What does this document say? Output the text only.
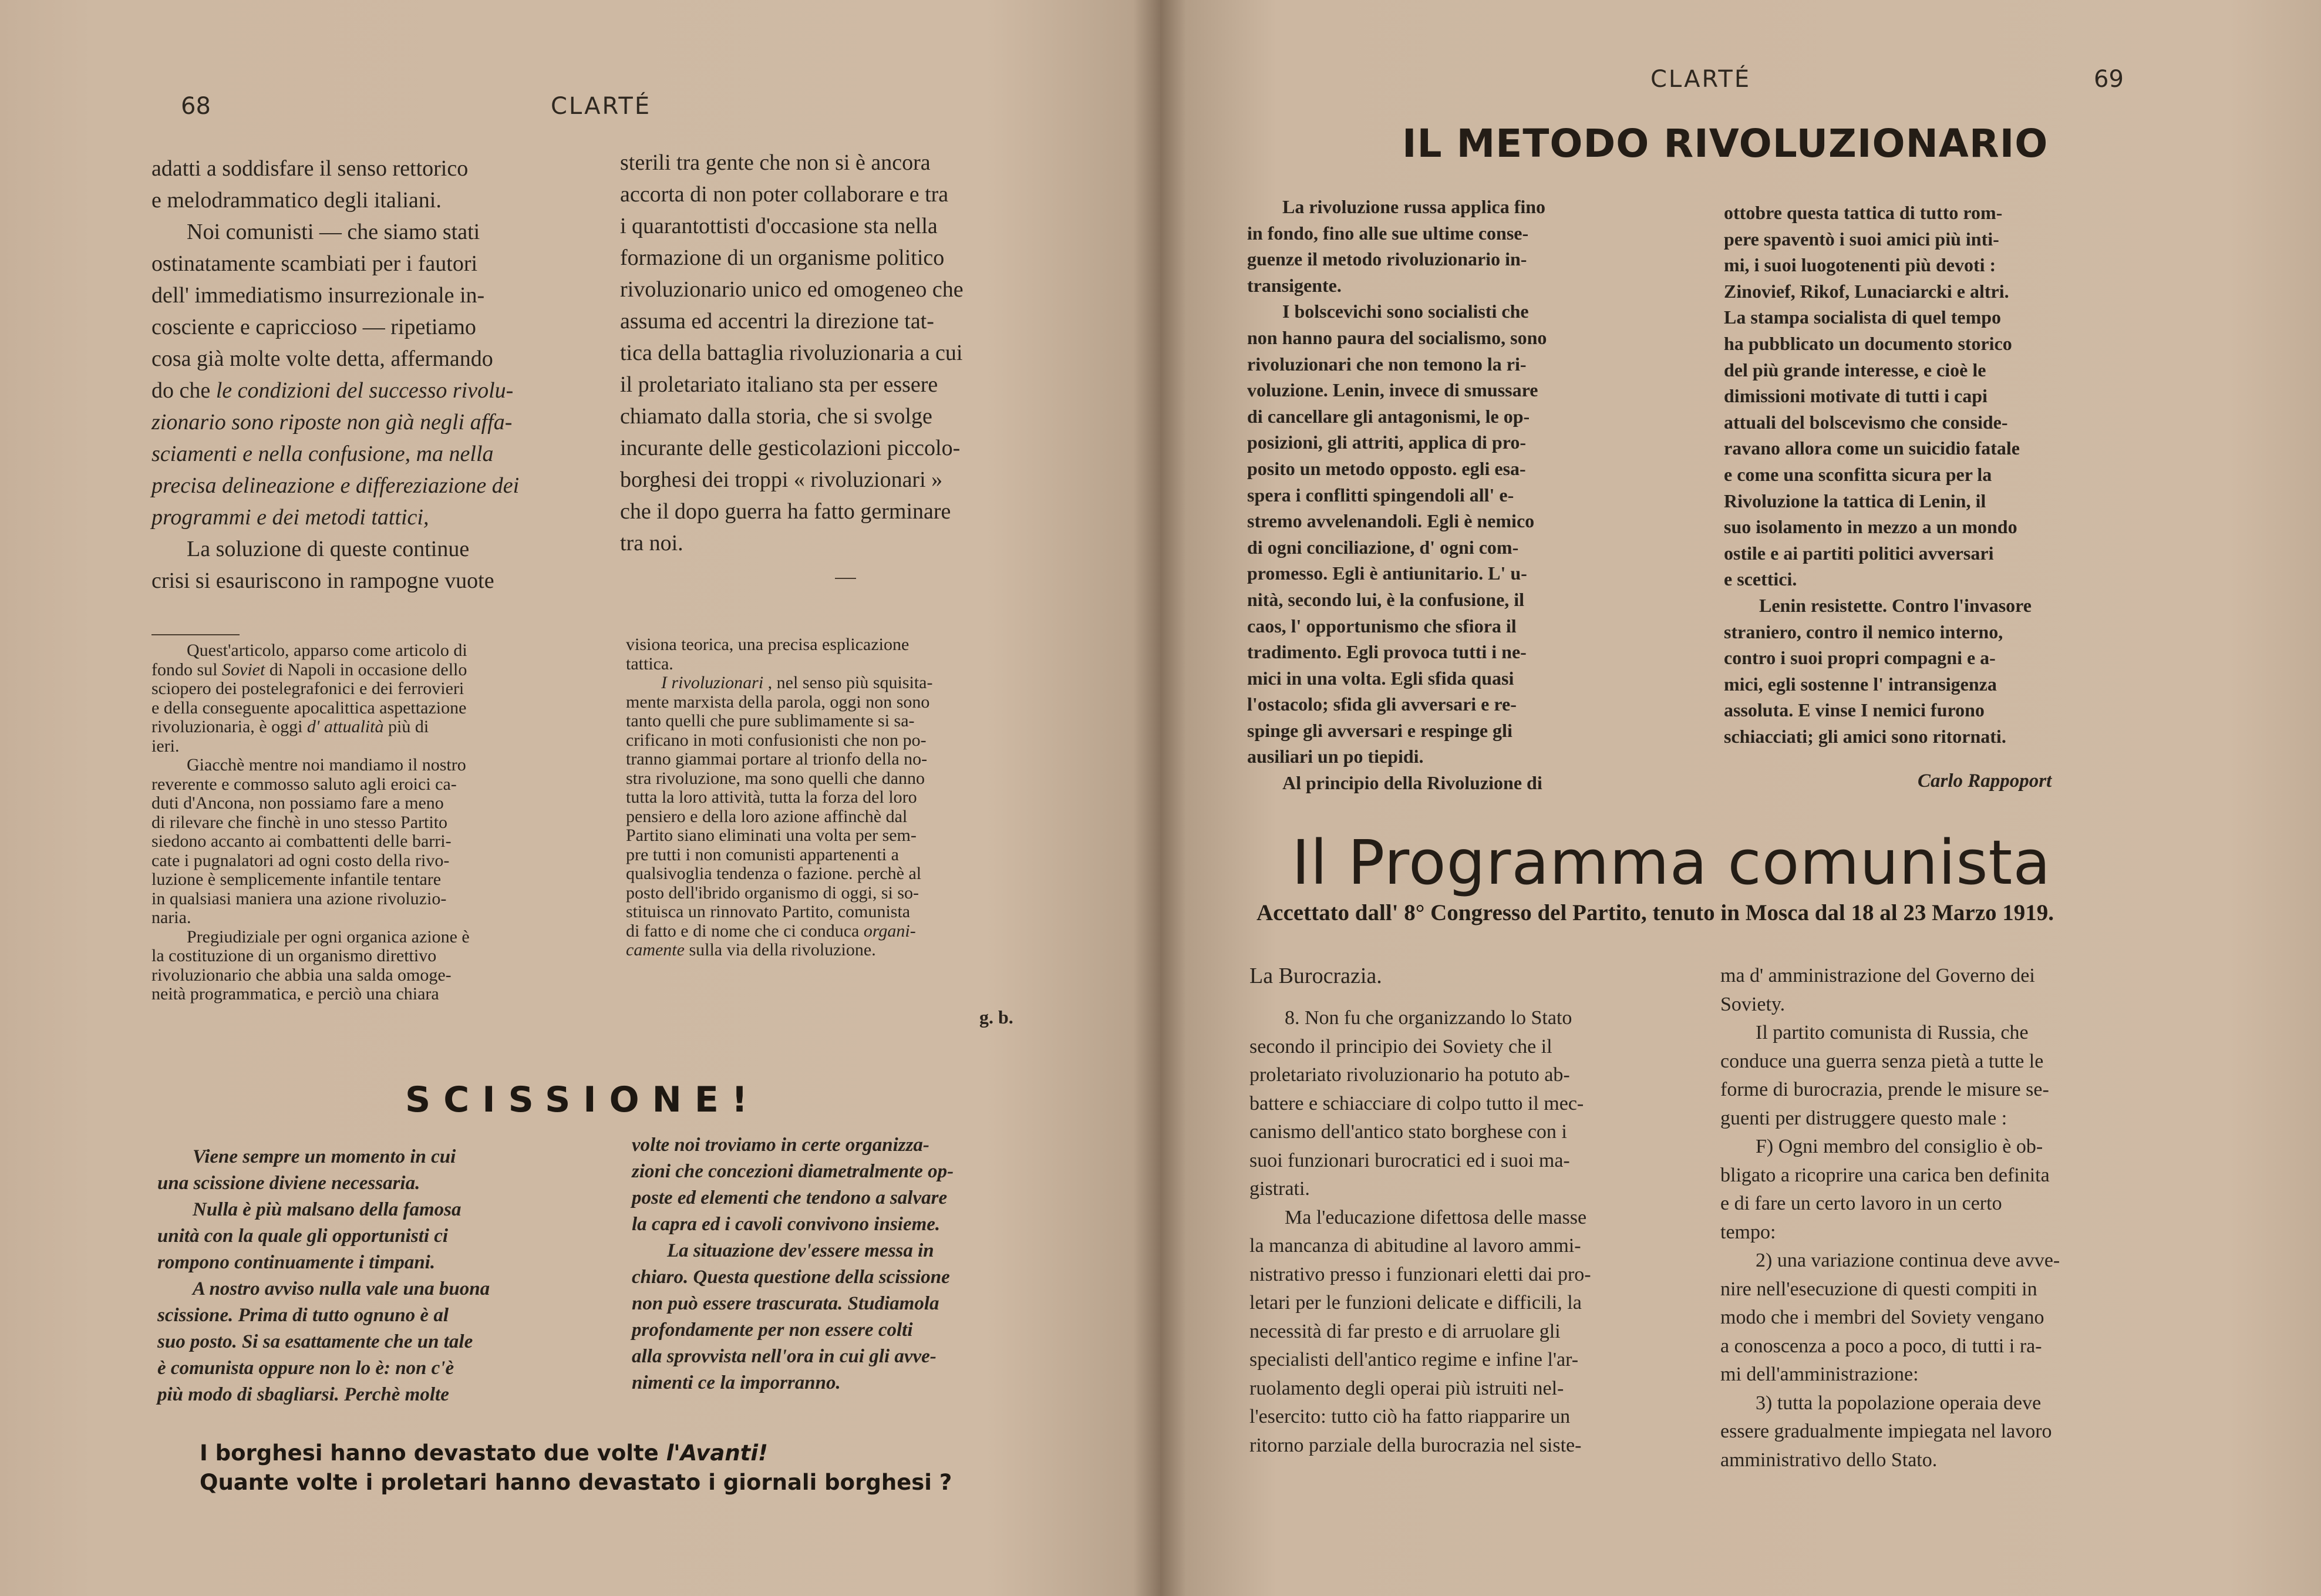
68	CLARTÉ
adatti a soddisfare il senso rettorico
e melodrammatico degli italiani.
Noi comunisti — che siamo stati
ostinatamente scambiati per i fautori
dell' immediatismo insurrezionale in-
cosciente e capriccioso — ripetiamo
cosa già molte volte detta, affermando
do che le condizioni del successo rivolu-
zionario sono riposte non già negli affa-
sciamenti e nella confusione, ma nella
precisa delineazione e differeziazione dei
programmi e dei metodi tattici,
La soluzione di queste continue
crisi si esauriscono in rampogne vuote
sterili tra gente che non si è ancora
accorta di non poter collaborare e tra
i quarantottisti d'occasione sta nella
formazione di un organisme politico
rivoluzionario unico ed omogeneo che
assuma ed accentri la direzione tat-
tica della battaglia rivoluzionaria a cui
il proletariato italiano sta per essere
chiamato dalla storia, che si svolge
incurante delle gesticolazioni piccolo-
borghesi dei troppi « rivoluzionari »
che il dopo guerra ha fatto germinare
tra noi.
Quest'articolo, apparso come articolo di
fondo sul Soviet di Napoli in occasione dello
sciopero dei postelegrafonici e dei ferrovieri
e della conseguente apocalittica aspettazione
rivoluzionaria, è oggi d' attualità più di
ieri.
Giacchè mentre noi mandiamo il nostro
reverente e commosso saluto agli eroici ca-
duti d'Ancona, non possiamo fare a meno
di rilevare che finchè in uno stesso Partito
siedono accanto ai combattenti delle barri-
cate i pugnalatori ad ogni costo della rivo-
luzione è semplicemente infantile tentare
in qualsiasi maniera una azione rivoluzio-
naria.
Pregiudiziale per ogni organica azione è
la costituzione di un organismo direttivo
rivoluzionario che abbia una salda omoge-
neità programmatica, e perciò una chiara
visiona teorica, una precisa esplicazione
tattica.
I rivoluzionari , nel senso più squisita-
mente marxista della parola, oggi non sono
tanto quelli che pure sublimamente si sa-
crificano in moti confusionisti che non po-
tranno giammai portare al trionfo della no-
stra rivoluzione, ma sono quelli che danno
tutta la loro attività, tutta la forza del loro
pensiero e della loro azione affinchè dal
Partito siano eliminati una volta per sem-
pre tutti i non comunisti appartenenti a
qualsivoglia tendenza o fazione. perchè al
posto dell'ibrido organismo di oggi, si so-
stituisca un rinnovato Partito, comunista
di fatto e di nome che ci conduca organi-
camente sulla via della rivoluzione.
g. b.
SCISSIONE!
Viene sempre un momento in cui
una scissione diviene necessaria.
Nulla è più malsano della famosa
unità con la quale gli opportunisti ci
rompono continuamente i timpani.
A nostro avviso nulla vale una buona
scissione. Prima di tutto ognuno è al
suo posto. Si sa esattamente che un tale
è comunista oppure non lo è: non c'è
più modo di sbagliarsi. Perchè molte
volte noi troviamo in certe organizza-
zioni che concezioni diametralmente op-
poste ed elementi che tendono a salvare
la capra ed i cavoli convivono insieme.
La situazione dev'essere messa in
chiaro. Questa questione della scissione
non può essere trascurata. Studiamola
profondamente per non essere colti
alla sprovvista nell'ora in cui gli avve-
nimenti ce la imporranno.
I borghesi hanno devastato due volte l'Avanti!
Quante volte i proletari hanno devastato i giornali borghesi ?
CLARTÉ	69
IL METODO RIVOLUZIONARIO
La rivoluzione russa applica fino
in fondo, fino alle sue ultime conse-
guenze il metodo rivoluzionario in-
transigente.
I bolscevichi sono socialisti che
non hanno paura del socialismo, sono
rivoluzionari che non temono la ri-
voluzione. Lenin, invece di smussare
di cancellare gli antagonismi, le op-
posizioni, gli attriti, applica di pro-
posito un metodo opposto. egli esa-
spera i conflitti spingendoli all' e-
stremo avvelenandoli. Egli è nemico
di ogni conciliazione, d' ogni com-
promesso. Egli è antiunitario. L' u-
nità, secondo lui, è la confusione, il
caos, l' opportunismo che sfiora il
tradimento. Egli provoca tutti i ne-
mici in una volta. Egli sfida quasi
l'ostacolo; sfida gli avversari e re-
spinge gli avversari e respinge gli
ausiliari un po tiepidi.
Al principio della Rivoluzione di
ottobre questa tattica di tutto rom-
pere spaventò i suoi amici più inti-
mi, i suoi luogotenenti più devoti :
Zinovief, Rikof, Lunaciarcki e altri.
La stampa socialista di quel tempo
ha pubblicato un documento storico
del più grande interesse, e cioè le
dimissioni motivate di tutti i capi
attuali del bolscevismo che conside-
ravano allora come un suicidio fatale
e come una sconfitta sicura per la
Rivoluzione la tattica di Lenin, il
suo isolamento in mezzo a un mondo
ostile e ai partiti politici avversari
e scettici.
Lenin resistette. Contro l'invasore
straniero, contro il nemico interno,
contro i suoi propri compagni e a-
mici, egli sostenne l' intransigenza
assoluta. E vinse I nemici furono
schiacciati; gli amici sono ritornati.
Carlo Rappoport
Il Programma comunista
Accettato dall' 8° Congresso del Partito, tenuto in Mosca dal 18 al 23 Marzo 1919.
La Burocrazia.
8. Non fu che organizzando lo Stato
secondo il principio dei Soviety che il
proletariato rivoluzionario ha potuto ab-
battere e schiacciare di colpo tutto il mec-
canismo dell'antico stato borghese con i
suoi funzionari burocratici ed i suoi ma-
gistrati.
Ma l'educazione difettosa delle masse
la mancanza di abitudine al lavoro ammi-
nistrativo presso i funzionari eletti dai pro-
letari per le funzioni delicate e difficili, la
necessità di far presto e di arruolare gli
specialisti dell'antico regime e infine l'ar-
ruolamento degli operai più istruiti nel-
l'esercito: tutto ciò ha fatto riapparire un
ritorno parziale della burocrazia nel siste-
ma d' amministrazione del Governo dei
Soviety.
Il partito comunista di Russia, che
conduce una guerra senza pietà a tutte le
forme di burocrazia, prende le misure se-
guenti per distruggere questo male :
F) Ogni membro del consiglio è ob-
bligato a ricoprire una carica ben definita
e di fare un certo lavoro in un certo
tempo:
2) una variazione continua deve avve-
nire nell'esecuzione di questi compiti in
modo che i membri del Soviety vengano
a conoscenza a poco a poco, di tutti i ra-
mi dell'amministrazione:
3) tutta la popolazione operaia deve
essere gradualmente impiegata nel lavoro
amministrativo dello Stato.
